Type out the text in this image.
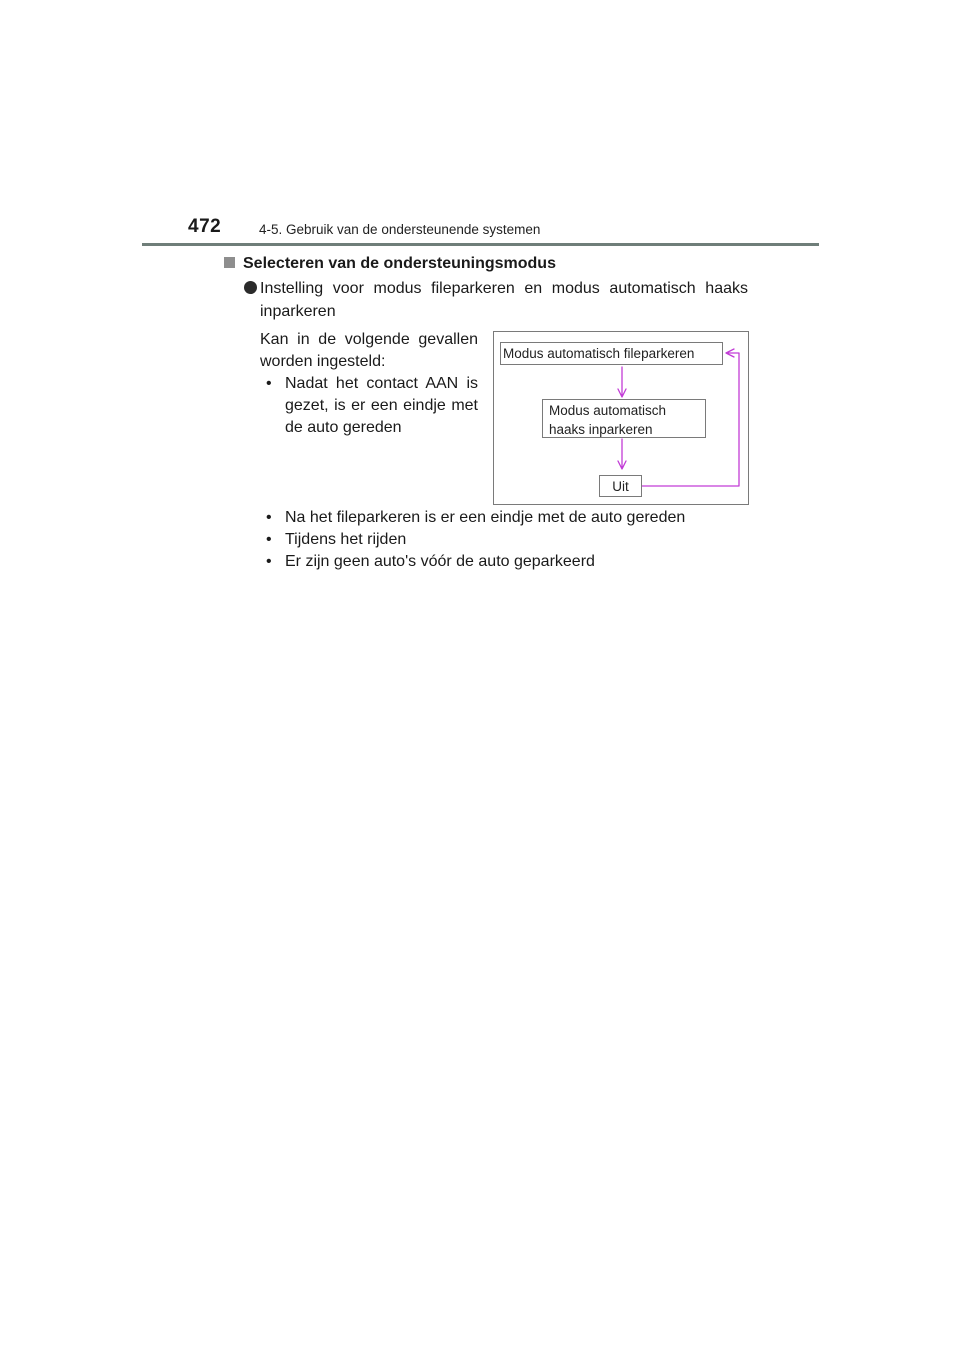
472	4-5. Gebruik van de ondersteunende systemen
Selecteren van de ondersteuningsmodus
Instelling voor modus fileparkeren en modus automatisch haaks inparkeren
Kan in de volgende gevallen worden ingesteld:
• Nadat het contact AAN is gezet, is er een eindje met de auto gereden
• Na het fileparkeren is er een eindje met de auto gereden
• Tijdens het rijden
• Er zijn geen auto's vóór de auto geparkeerd
Modus automatisch fileparkeren
Modus automatisch
haaks inparkeren
Uit
